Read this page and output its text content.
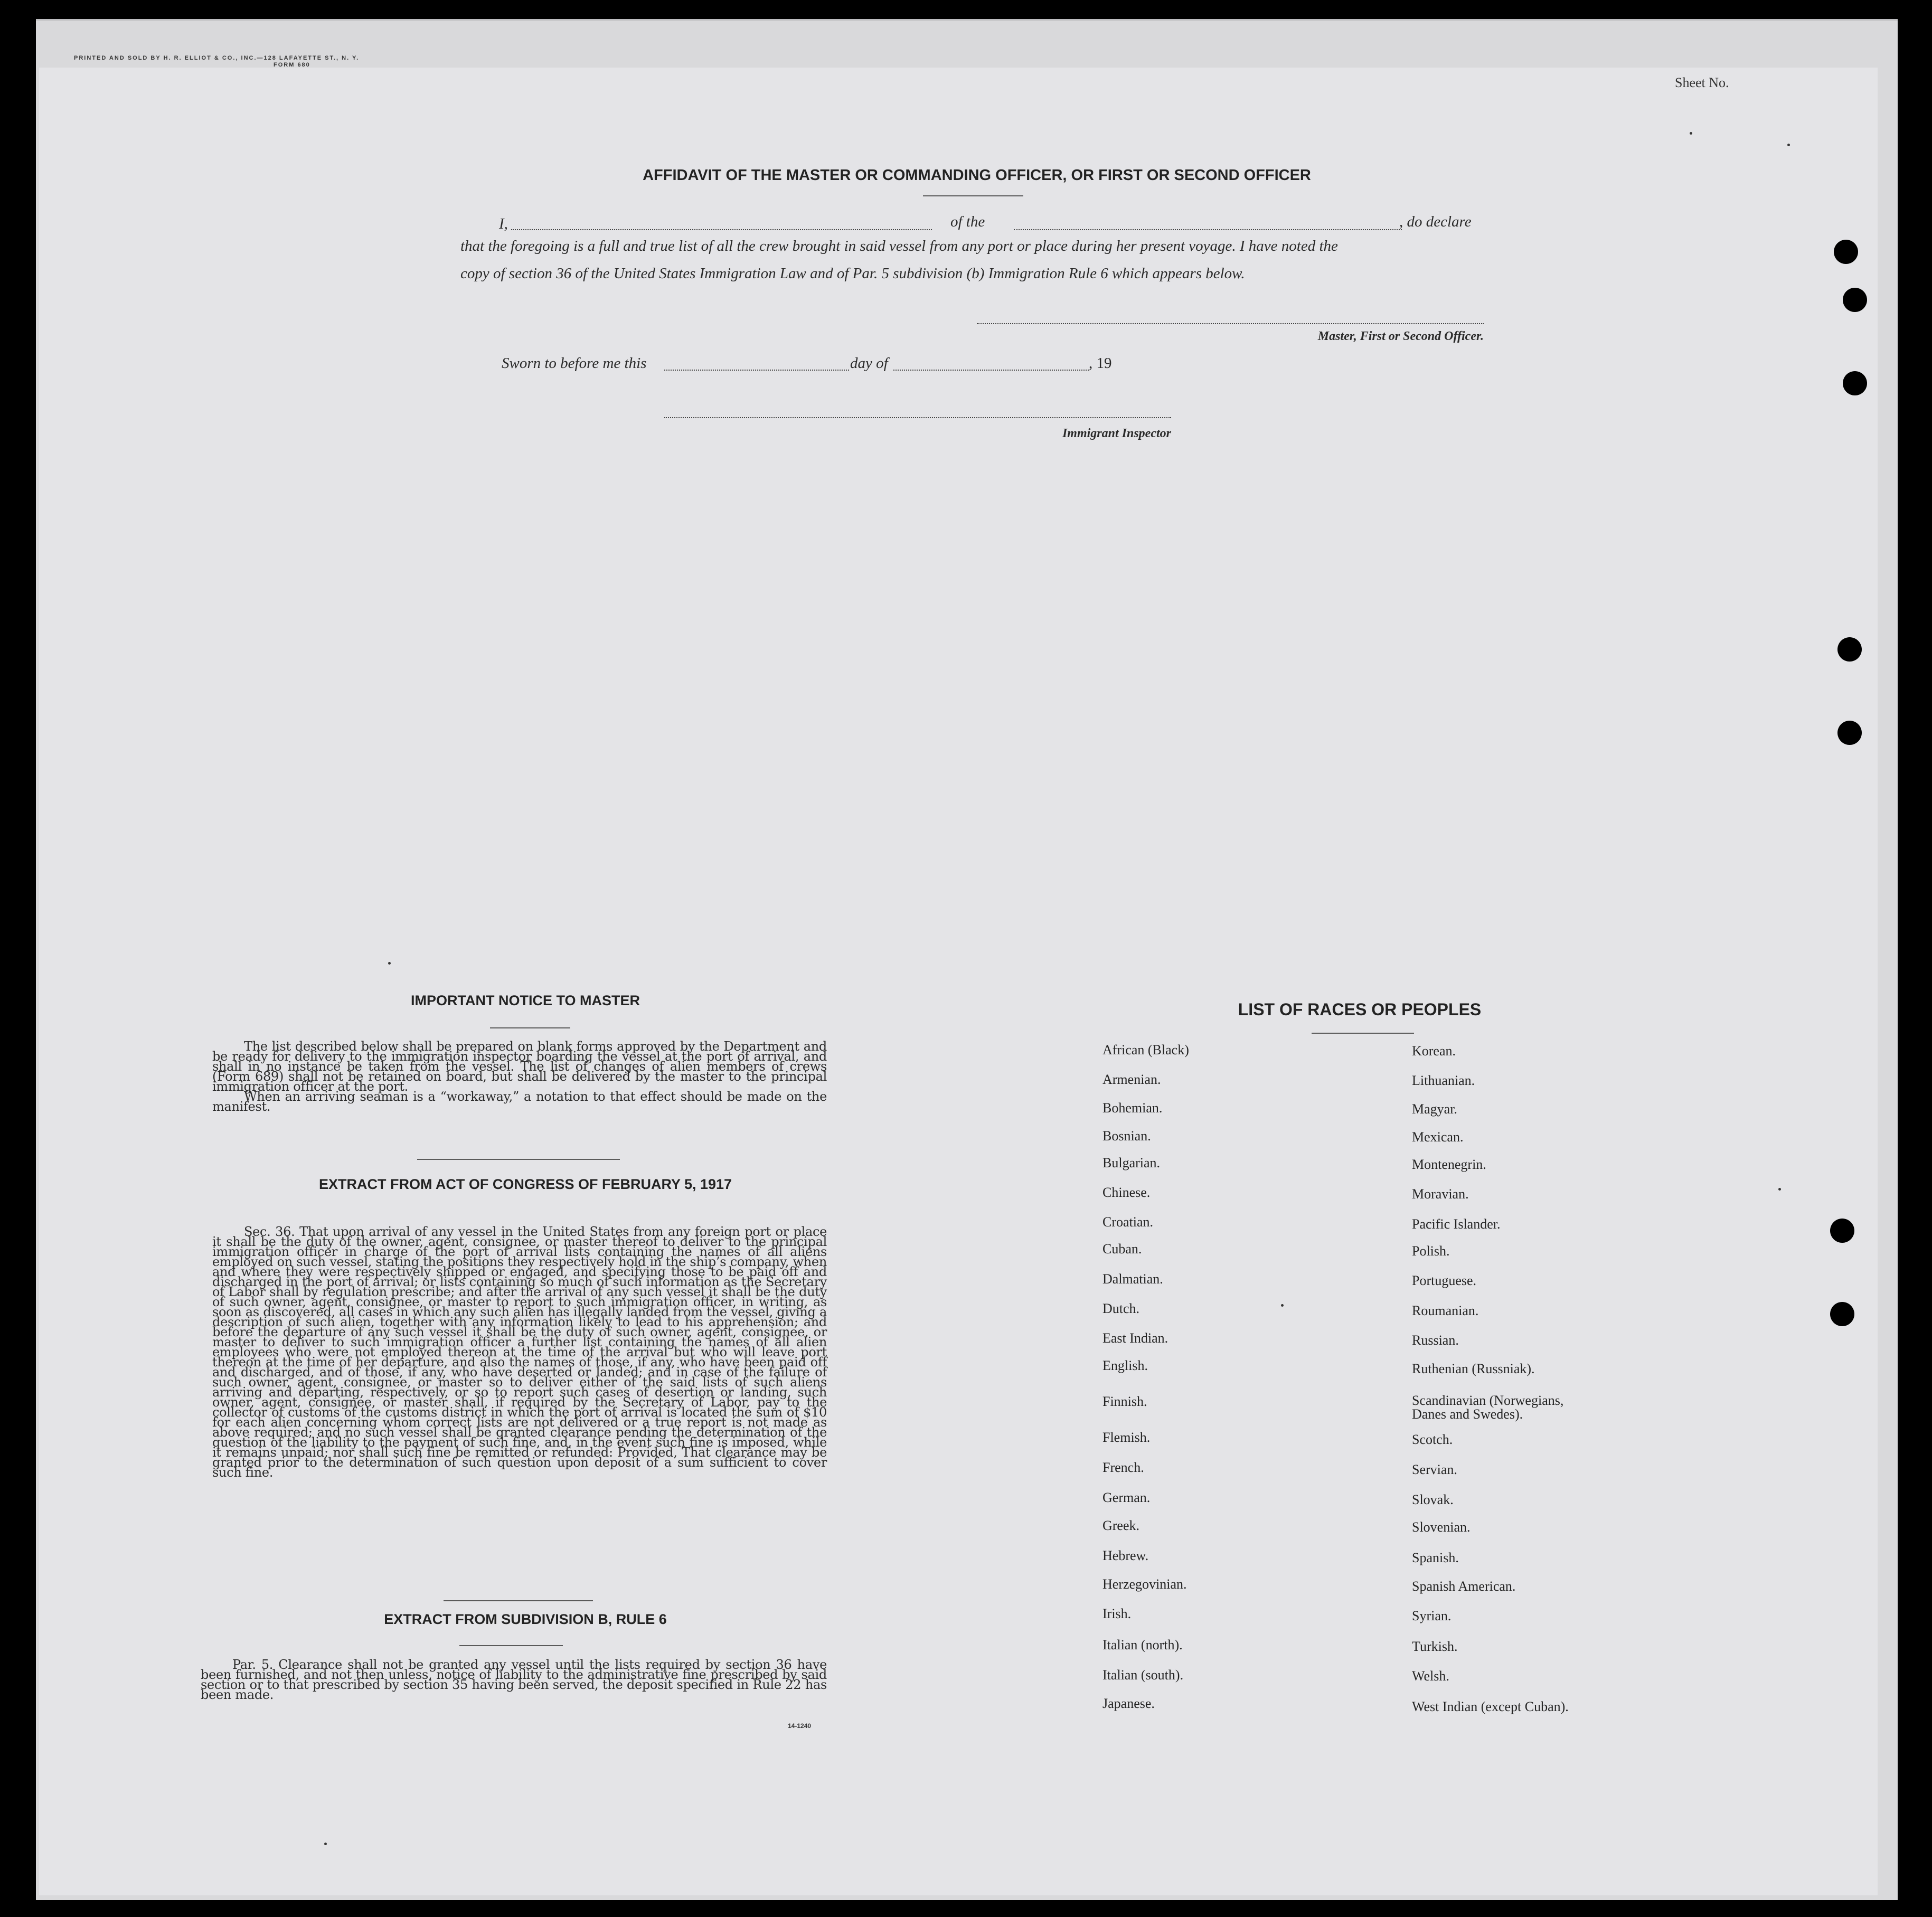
PRINTED AND SOLD BY H. R. ELLIOT & CO., INC.—128 LAFAYETTE ST., N. Y.
FORM 680
Sheet No.
AFFIDAVIT OF THE MASTER OR COMMANDING OFFICER, OR FIRST OR SECOND OFFICER
I,	of the	, do declare
that the foregoing is a full and true list of all the crew brought in said vessel from any port or place during her present voyage. I have noted the
copy of section 36 of the United States Immigration Law and of Par. 5 subdivision (b) Immigration Rule 6 which appears below.
Master, First or Second Officer.
Sworn to before me this	day of	, 19
Immigrant Inspector
IMPORTANT NOTICE TO MASTER

The list described below shall be prepared on blank forms approved by the Department and be ready for delivery to the immigration inspector boarding the vessel at the port of arrival, and shall in no instance be taken from the vessel. The list of changes of alien members of crews (Form 689) shall not be retained on board, but shall be delivered by the master to the principal immigration officer at the port.

When an arriving seaman is a “workaway,” a notation to that effect should be made on the manifest.

EXTRACT FROM ACT OF CONGRESS OF FEBRUARY 5, 1917

Sec. 36. That upon arrival of any vessel in the United States from any foreign port or place it shall be the duty of the owner, agent, consignee, or master thereof to deliver to the principal immigration officer in charge of the port of arrival lists containing the names of all aliens employed on such vessel, stating the positions they respectively hold in the ship’s company, when and where they were respectively shipped or engaged, and specifying those to be paid off and discharged in the port of arrival; or lists containing so much of such information as the Secretary of Labor shall by regulation prescribe; and after the arrival of any such vessel it shall be the duty of such owner, agent, consignee, or master to report to such immigration officer, in writing, as soon as discovered, all cases in which any such alien has illegally landed from the vessel, giving a description of such alien, together with any information likely to lead to his apprehension; and before the departure of any such vessel it shall be the duty of such owner, agent, consignee, or master to deliver to such immigration officer a further list containing the names of all alien employees who were not employed thereon at the time of the arrival but who will leave port thereon at the time of her departure, and also the names of those, if any, who have been paid off and discharged, and of those, if any, who have deserted or landed; and in case of the failure of such owner, agent, consignee, or master so to deliver either of the said lists of such aliens arriving and departing, respectively, or so to report such cases of desertion or landing, such owner, agent, consignee, or master shall, if required by the Secretary of Labor, pay to the collector of customs of the customs district in which the port of arrival is located the sum of $10 for each alien concerning whom correct lists are not delivered or a true report is not made as above required; and no such vessel shall be granted clearance pending the determination of the question of the liability to the payment of such fine, and, in the event such fine is imposed, while it remains unpaid; nor shall such fine be remitted or refunded: Provided, That clearance may be granted prior to the determination of such question upon deposit of a sum sufficient to cover such fine.

EXTRACT FROM SUBDIVISION B, RULE 6

Par. 5. Clearance shall not be granted any vessel until the lists required by section 36 have been furnished, and not then unless, notice of liability to the administrative fine prescribed by said section or to that prescribed by section 35 having been served, the deposit specified in Rule 22 has been made.

14-1240
LIST OF RACES OR PEOPLES
African (Black)
Armenian.
Bohemian.
Bosnian.
Bulgarian.
Chinese.
Croatian.
Cuban.
Dalmatian.
Dutch.
East Indian.
English.
Finnish.
Flemish.
French.
German.
Greek.
Hebrew.
Herzegovinian.
Irish.
Italian (north).
Italian (south).
Japanese.
Korean.
Lithuanian.
Magyar.
Mexican.
Montenegrin.
Moravian.
Pacific Islander.
Polish.
Portuguese.
Roumanian.
Russian.
Ruthenian (Russniak).
Scandinavian (Norwegians,
Danes and Swedes).
Scotch.
Servian.
Slovak.
Slovenian.
Spanish.
Spanish American.
Syrian.
Turkish.
Welsh.
West Indian (except Cuban).
